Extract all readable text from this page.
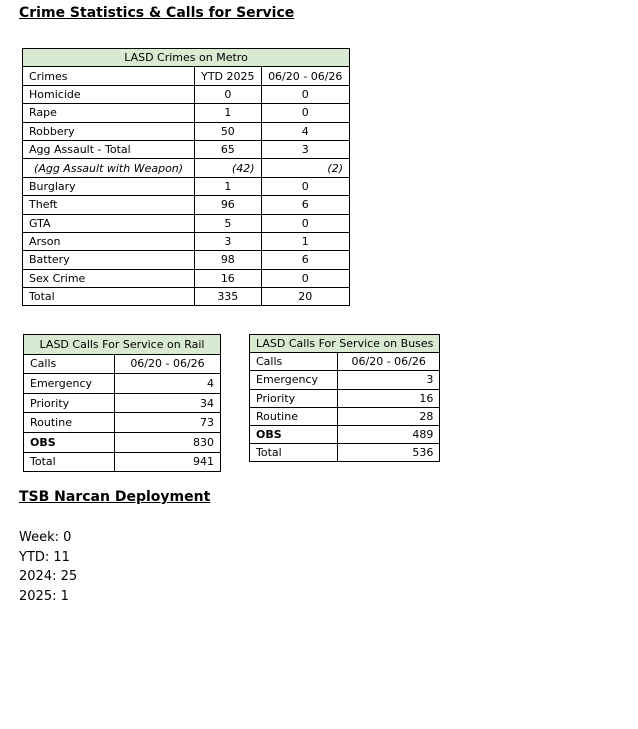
Crime Statistics & Calls for Service
LASD Crimes on Metro		
Crimes	YTD 2025	06/20 - 06/26
Homicide	0	0
Rape	1	0
Robbery	50	4
Agg Assault - Total	65	3
(Agg Assault with Weapon)	(42)	(2)
Burglary	1	0
Theft	96	6
GTA	5	0
Arson	3	1
Battery	98	6
Sex Crime	16	0
Total	335	20
LASD Calls For Service on Rail	
Calls	06/20 - 06/26
Emergency	4
Priority	34
Routine	73
OBS	830
Total	941
LASD Calls For Service on Buses	
Calls	06/20 - 06/26
Emergency	3
Priority	16
Routine	28
OBS	489
Total	536
TSB Narcan Deployment
Week: 0
YTD: 11
2024: 25
2025: 1
